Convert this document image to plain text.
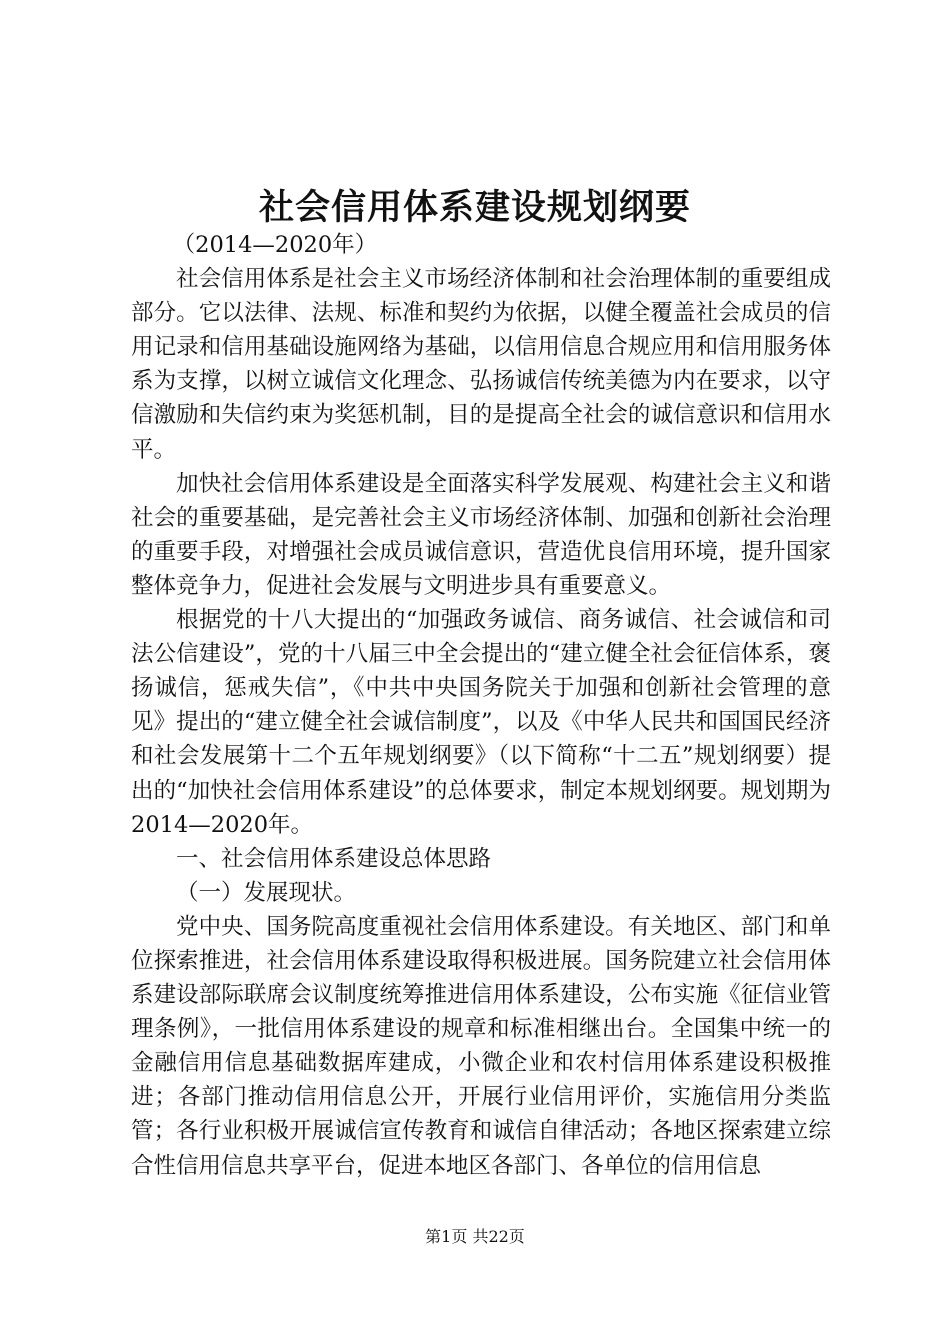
社会信用体系建设规划纲要

（2014—2020年）

社会信用体系是社会主义市场经济体制和社会治理体制的重要组成部分。它以法律、法规、标准和契约为依据，以健全覆盖社会成员的信用记录和信用基础设施网络为基础，以信用信息合规应用和信用服务体系为支撑，以树立诚信文化理念、弘扬诚信传统美德为内在要求，以守信激励和失信约束为奖惩机制，目的是提高全社会的诚信意识和信用水平。

加快社会信用体系建设是全面落实科学发展观、构建社会主义和谐社会的重要基础，是完善社会主义市场经济体制、加强和创新社会治理的重要手段，对增强社会成员诚信意识，营造优良信用环境，提升国家整体竞争力，促进社会发展与文明进步具有重要意义。

根据党的十八大提出的“加强政务诚信、商务诚信、社会诚信和司法公信建设”，党的十八届三中全会提出的“建立健全社会征信体系，褒扬诚信，惩戒失信”，《中共中央国务院关于加强和创新社会管理的意见》提出的“建立健全社会诚信制度”，以及《中华人民共和国国民经济和社会发展第十二个五年规划纲要》（以下简称“十二五”规划纲要）提出的“加快社会信用体系建设”的总体要求，制定本规划纲要。规划期为2014—2020年。

一、社会信用体系建设总体思路

（一）发展现状。

党中央、国务院高度重视社会信用体系建设。有关地区、部门和单位探索推进，社会信用体系建设取得积极进展。国务院建立社会信用体系建设部际联席会议制度统筹推进信用体系建设，公布实施《征信业管理条例》，一批信用体系建设的规章和标准相继出台。全国集中统一的金融信用信息基础数据库建成，小微企业和农村信用体系建设积极推进；各部门推动信用信息公开，开展行业信用评价，实施信用分类监管；各行业积极开展诚信宣传教育和诚信自律活动；各地区探索建立综合性信用信息共享平台，促进本地区各部门、各单位的信用信息

第1页 共22页
